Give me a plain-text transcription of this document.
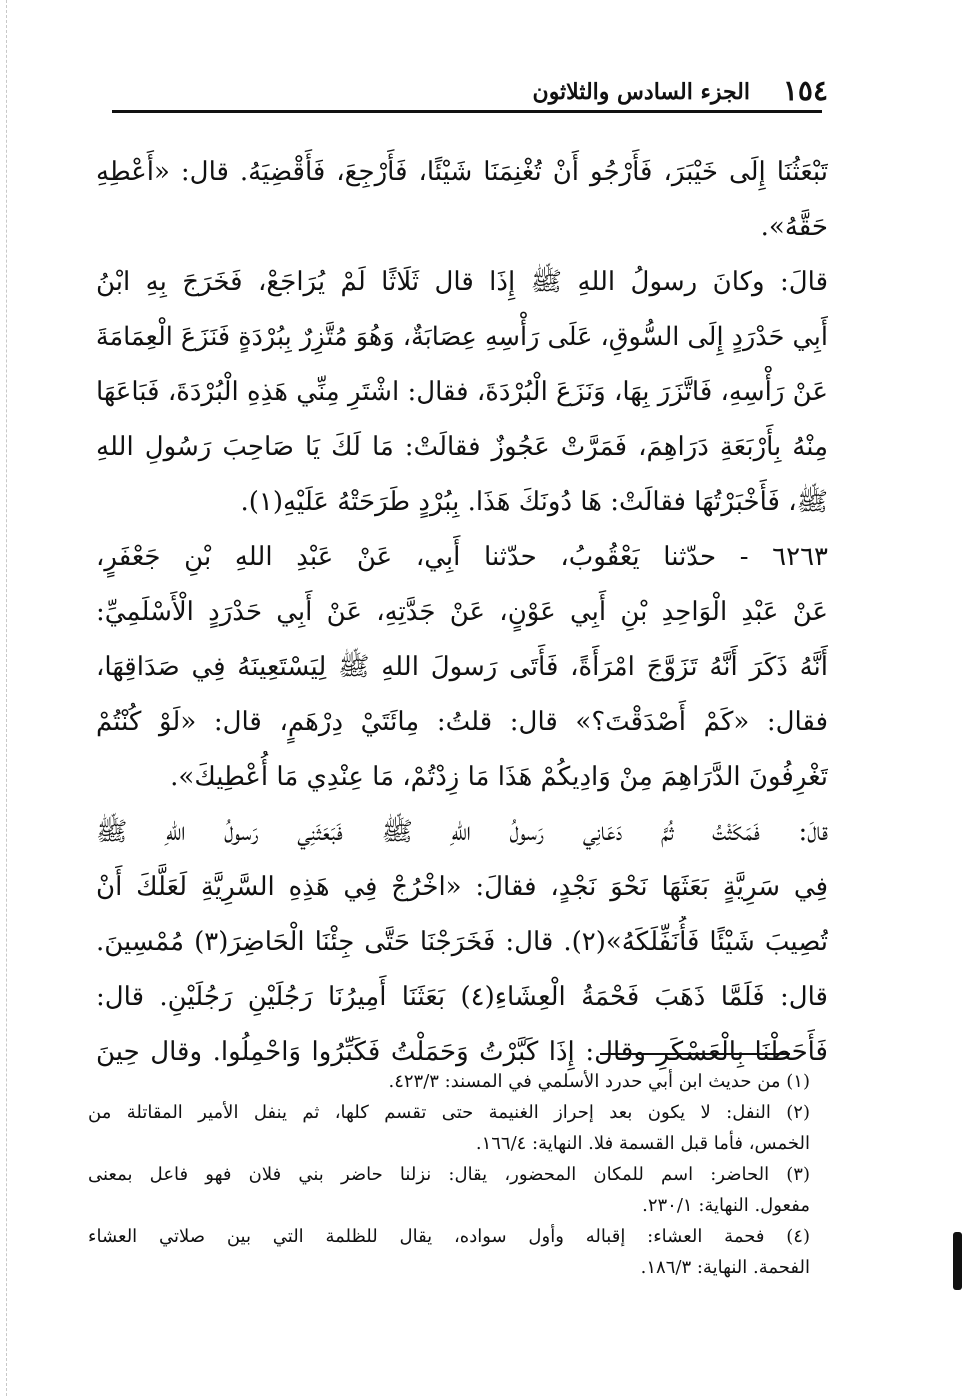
١٥٤
الجزء السادس والثلاثون
تَبْعَثُنَا إِلَى خَيْبَرَ، فَأَرْجُو أَنْ تُغْنِمَنَا شَيْئًا، فَأَرْجِعَ، فَأَقْضِيَهُ. قال: «أَعْطِهِ
حَقَّهُ».
قالَ: وكانَ رسولُ اللهِ ﷺ إِذَا قال ثَلَاثًا لَمْ يُرَاجَعْ، فَخَرَجَ بِهِ ابْنُ
أَبِي حَدْرَدٍ إِلَى السُّوقِ، عَلَى رَأْسِهِ عِصَابَةٌ، وَهُوَ مُتَّزِرٌ بِبُرْدَةٍ فَنَزَعَ الْعِمَامَةَ
عَنْ رَأْسِهِ، فَاتَّزَرَ بِهَا، وَنَزَعَ الْبُرْدَةَ، فقال: اشْتَرِ مِنِّي هَذِهِ الْبُرْدَةَ، فَبَاعَهَا
مِنْهُ بِأَرْبَعَةِ دَرَاهِمَ، فَمَرَّتْ عَجُوزٌ فقالَتْ: مَا لَكَ يَا صَاحِبَ رَسُولِ اللهِ
ﷺ، فَأَخْبَرْتُهَا فقالَتْ: هَا دُونَكَ هَذَا. بِبُرْدٍ طَرَحَتْهُ عَلَيْهِ(١).
٦٢٦٣ - حدّثنا يَعْقُوبُ، حدّثنا أَبِي، عَنْ عَبْدِ اللهِ بْنِ جَعْفَرٍ،
عَنْ عَبْدِ الْوَاحِدِ بْنِ أَبِي عَوْنٍ، عَنْ جَدَّتِهِ، عَنْ أَبِي حَدْرَدٍ الْأَسْلَمِيِّ:
أَنَّهُ ذَكَرَ أَنَّهُ تَزَوَّجَ امْرَأَةً، فَأَتَى رَسولَ اللهِ ﷺ لِيَسْتَعِينَهُ فِي صَدَاقِهَا،
فقال: «كَمْ أَصْدَقْتَ؟» قال: قلتُ: مِائَتَيْ دِرْهَمٍ، قال: «لَوْ كُنْتُمْ
تَغْرِفُونَ الدَّرَاهِمَ مِنْ وَادِيكُمْ هَذَا مَا زِدْتُمْ، مَا عِنْدِي مَا أُعْطِيكَ».
قالَ: فَمَكَثْتُ ثُمَّ دَعَانِي رَسولُ اللهِ ﷺ فَبَعَثَنِي رَسولُ اللهِ ﷺ
فِي سَرِيَّةٍ بَعَثَهَا نَحْوَ نَجْدٍ، فقالَ: «اخْرُجْ فِي هَذِهِ السَّرِيَّةِ لَعَلَّكَ أَنْ
تُصِيبَ شَيْئًا فَأُنَفِّلَكَهُ»(٢). قال: فَخَرَجْنَا حَتَّى جِئْنَا الْحَاضِرَ(٣) مُمْسِينَ.
قال: فَلَمَّا ذَهَبَ فَحْمَةُ الْعِشَاءِ(٤) بَعَثَنَا أَمِيرُنَا رَجُلَيْنِ رَجُلَيْنِ. قال:
فَأَحَطْنَا بِالْعَسْكَرِ وقال: إِذَا كَبَّرْتُ وَحَمَلْتُ فَكَبِّرُوا وَاحْمِلُوا. وقال حِينَ
(١) من حديث ابن أبي حدرد الأسلمي في المسند: ٤٢٣/٣.
(٢) النفل: لا يكون بعد إحراز الغنيمة حتى تقسم كلها، ثم ينفل الأمير المقاتلة من
الخمس، فأما قبل القسمة فلا. النهاية: ١٦٦/٤.
(٣) الحاضر: اسم للمكان المحضور، يقال: نزلنا حاضر بني فلان فهو فاعل بمعنى
مفعول. النهاية: ٢٣٠/١.
(٤) فحمة العشاء: إقباله وأول سواده، يقال للظلمة التي بين صلاتي العشاء
الفحمة. النهاية: ١٨٦/٣.
